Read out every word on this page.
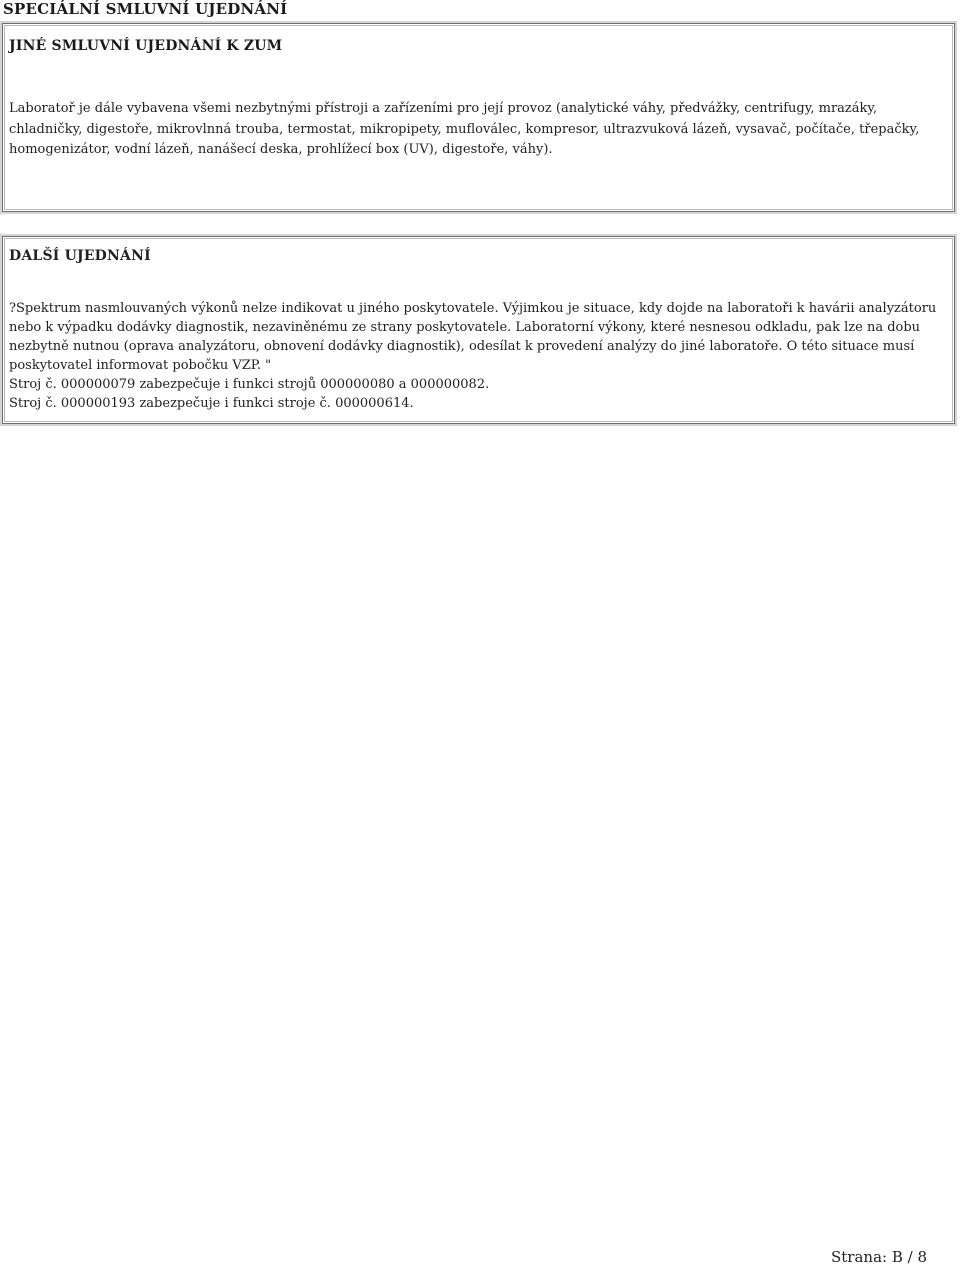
SPECIÁLNÍ SMLUVNÍ UJEDNÁNÍ
JINÉ SMLUVNÍ UJEDNÁNÍ K ZUM

Laboratoř je dále vybavena všemi nezbytnými přístroji a zařízeními pro její provoz (analytické váhy, předvážky, centrifugy, mrazáky, chladničky, digestoře, mikrovlnná trouba, termostat, mikropipety, mufloválec, kompresor, ultrazvuková lázeň, vysavač, počítače, třepačky, homogenizátor, vodní lázeň, nanášecí deska, prohlížecí box (UV), digestoře, váhy).

DALŠÍ UJEDNÁNÍ

?Spektrum nasmlouvaných výkonů nelze indikovat u jiného poskytovatele. Výjimkou je situace, kdy dojde na laboratoři k havárii analyzátoru nebo k výpadku dodávky diagnostik, nezaviněnému ze strany poskytovatele. Laboratorní výkony, které nesnesou odkladu, pak lze na dobu nezbytně nutnou (oprava analyzátoru, obnovení dodávky diagnostik), odesílat k provedení analýzy do jiné laboratoře. O této situace musí poskytovatel informovat pobočku VZP. "

Stroj č. 000000079 zabezpečuje i funkci strojů 000000080 a 000000082.

Stroj č. 000000193 zabezpečuje i funkci stroje č. 000000614.

Strana: B / 8
